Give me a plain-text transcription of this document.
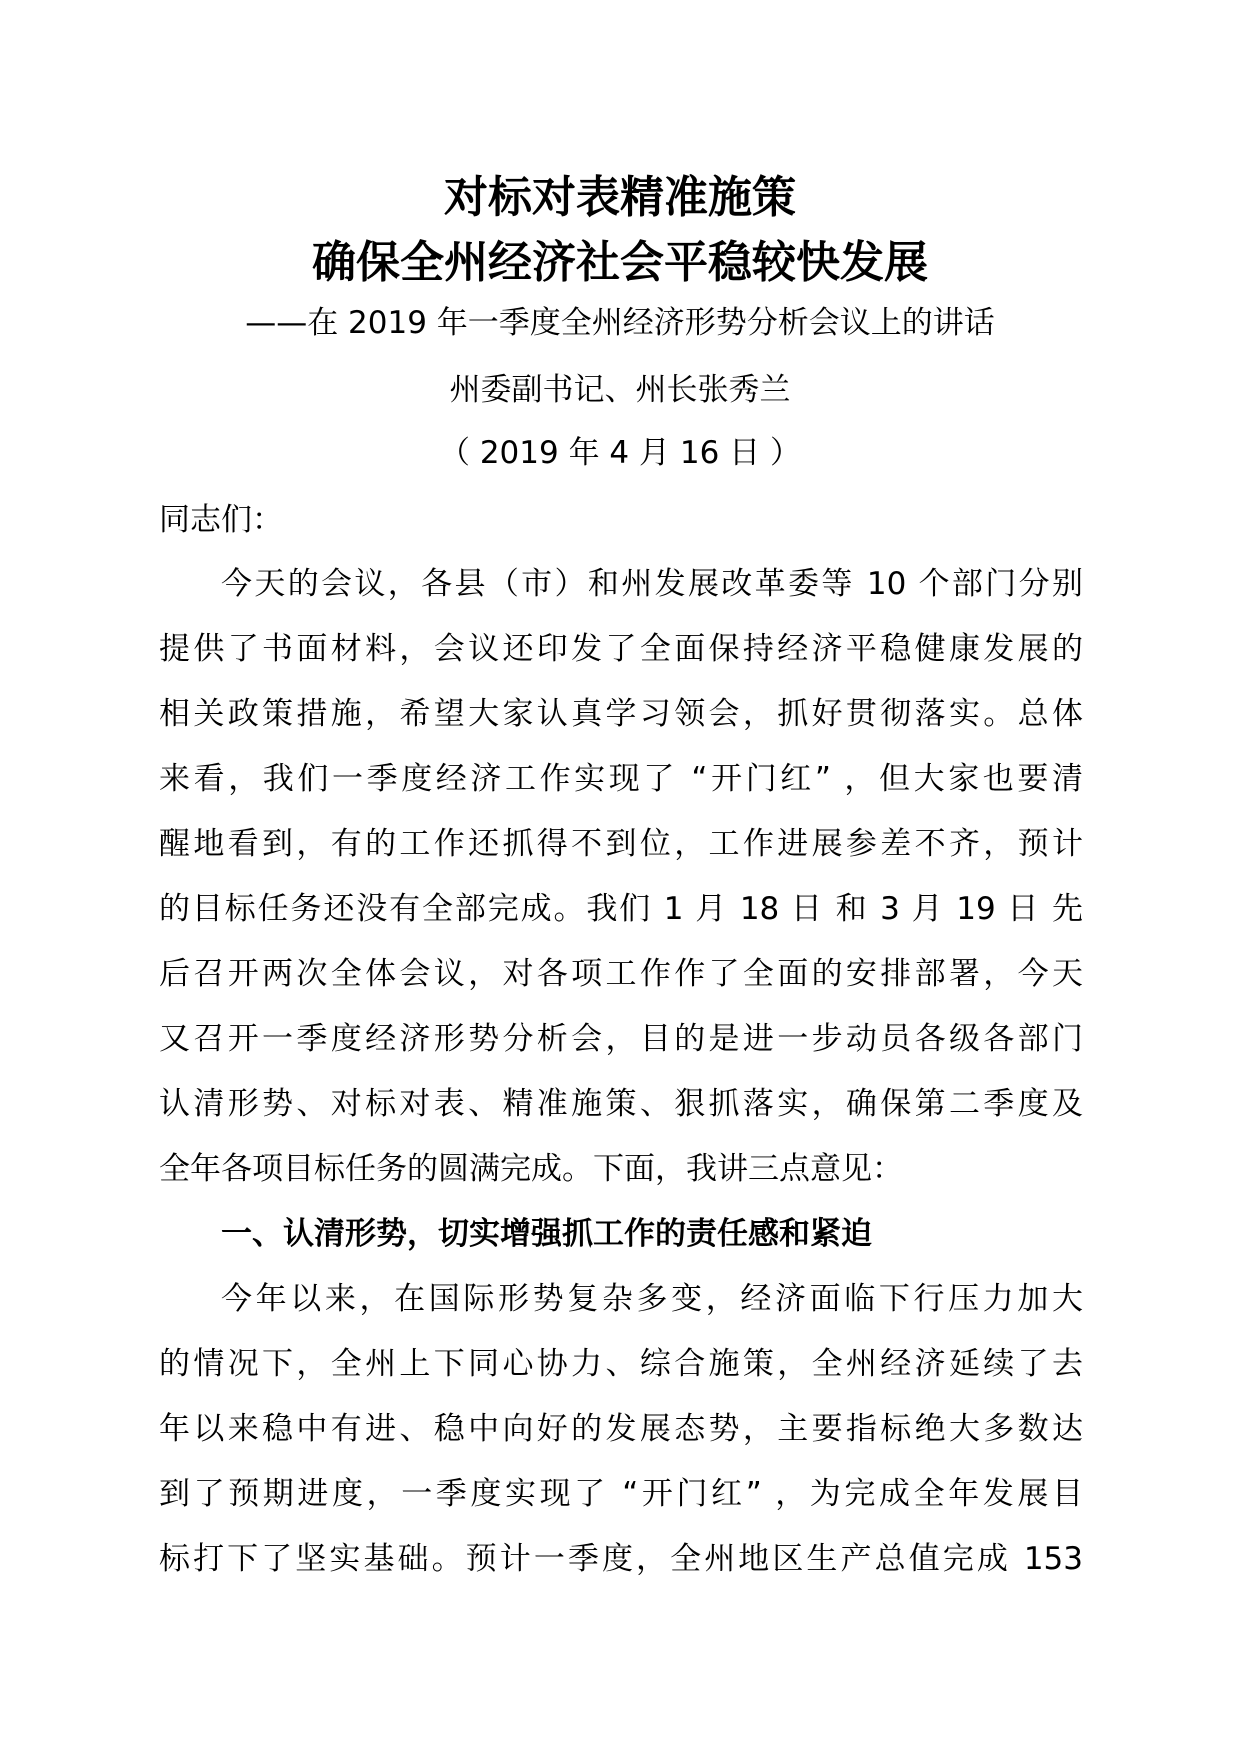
对标对表精准施策
确保全州经济社会平稳较快发展
——在 2019 年一季度全州经济形势分析会议上的讲话
州委副书记、州长张秀兰
（ 2019 年 4 月 16 日 ）
同志们：
今天的会议，各县（市）和州发展改革委等 10 个部门分别
提供了书面材料，会议还印发了全面保持经济平稳健康发展的
相关政策措施，希望大家认真学习领会，抓好贯彻落实。总体
来看，我们一季度经济工作实现了 “开门红” ，但大家也要清
醒地看到，有的工作还抓得不到位，工作进展参差不齐，预计
的目标任务还没有全部完成。我们 1 月 18 日 和 3 月 19 日 先
后召开两次全体会议，对各项工作作了全面的安排部署，今天
又召开一季度经济形势分析会，目的是进一步动员各级各部门
认清形势、对标对表、精准施策、狠抓落实，确保第二季度及
全年各项目标任务的圆满完成。下面，我讲三点意见：
一、认清形势，切实增强抓工作的责任感和紧迫
今年以来，在国际形势复杂多变，经济面临下行压力加大
的情况下，全州上下同心协力、综合施策，全州经济延续了去
年以来稳中有进、稳中向好的发展态势，主要指标绝大多数达
到了预期进度，一季度实现了 “开门红” ，为完成全年发展目
标打下了坚实基础。预计一季度，全州地区生产总值完成 153
